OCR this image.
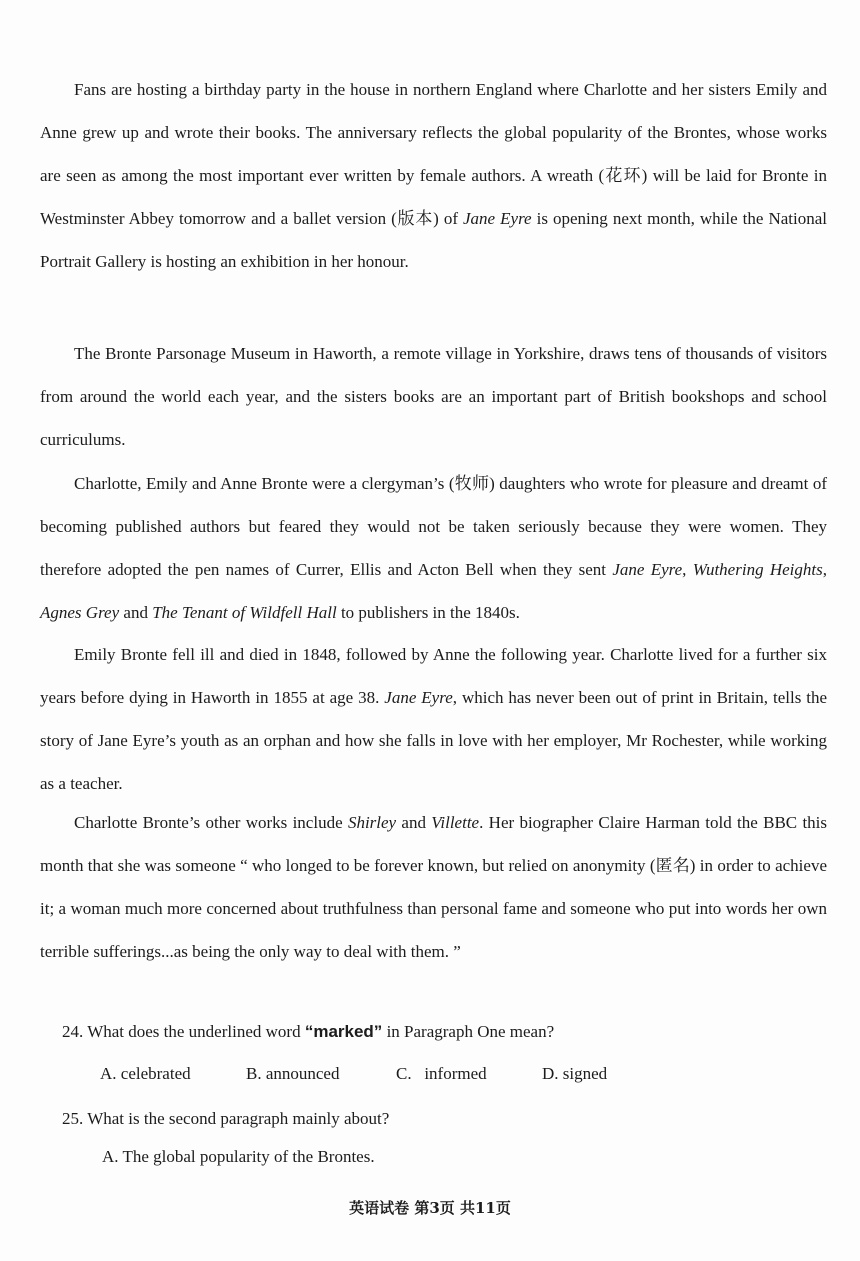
Fans are hosting a birthday party in the house in northern England where Charlotte and her sisters Emily and Anne grew up and wrote their books. The anniversary reflects the global popularity of the Brontes, whose works are seen as among the most important ever written by female authors. A wreath (花环) will be laid for Bronte in Westminster Abbey tomorrow and a ballet version (版本) of Jane Eyre is opening next month, while the National Portrait Gallery is hosting an exhibition in her honour.

The Bronte Parsonage Museum in Haworth, a remote village in Yorkshire, draws tens of thousands of visitors from around the world each year, and the sisters books are an important part of British bookshops and school curriculums.

Charlotte, Emily and Anne Bronte were a clergyman’s (牧师) daughters who wrote for pleasure and dreamt of becoming published authors but feared they would not be taken seriously because they were women. They therefore adopted the pen names of Currer, Ellis and Acton Bell when they sent Jane Eyre, Wuthering Heights, Agnes Grey and The Tenant of Wildfell Hall to publishers in the 1840s.

Emily Bronte fell ill and died in 1848, followed by Anne the following year. Charlotte lived for a further six years before dying in Haworth in 1855 at age 38. Jane Eyre, which has never been out of print in Britain, tells the story of Jane Eyre’s youth as an orphan and how she falls in love with her employer, Mr Rochester, while working as a teacher.

Charlotte Bronte’s other works include Shirley and Villette. Her biographer Claire Harman told the BBC this month that she was someone “ who longed to be forever known, but relied on anonymity (匿名) in order to achieve it; a woman much more concerned about truthfulness than personal fame and someone who put into words her own terrible sufferings...as being the only way to deal with them. ”

24. What does the underlined word “marked” in Paragraph One mean?

A. celebrated	B. announced	C.   informed	D. signed

25. What is the second paragraph mainly about?

A. The global popularity of the Brontes.

英语试卷 第3页 共11页
